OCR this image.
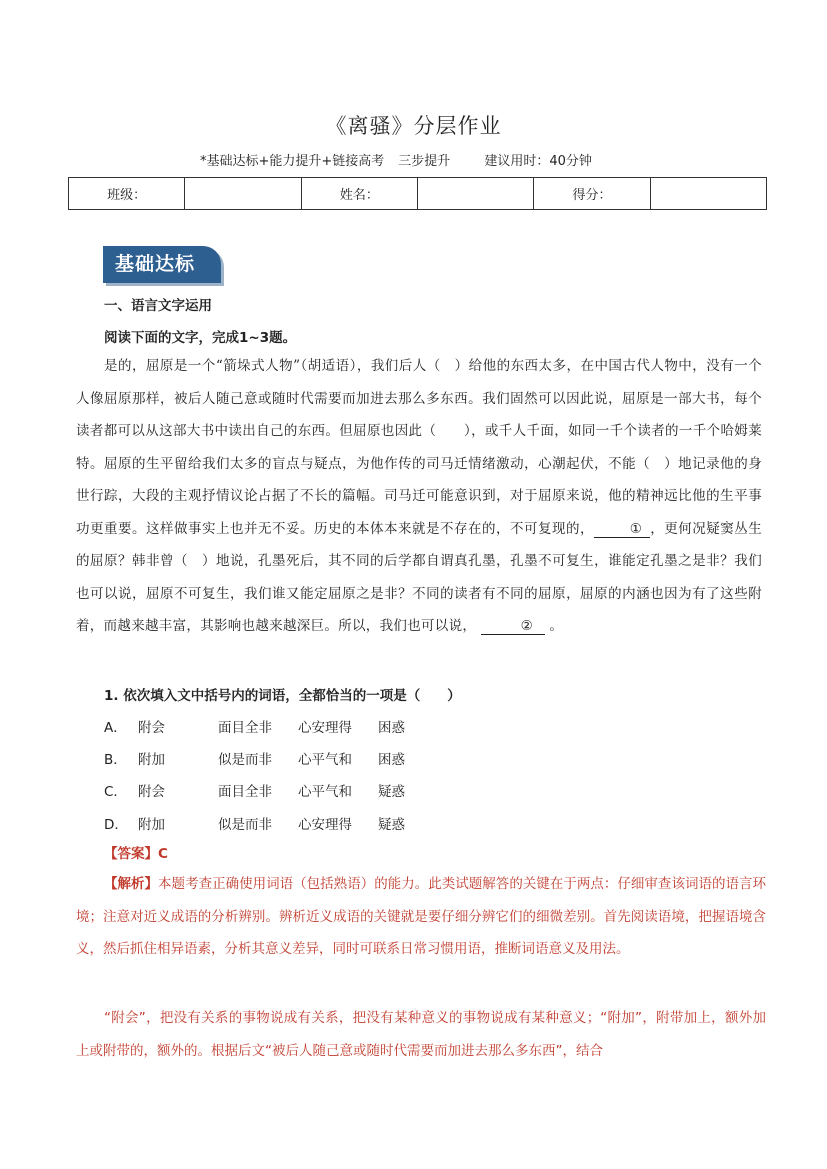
《离骚》分层作业
*基础达标+能力提升+链接高考 三步提升	建议用时：40分钟
班级：		姓名：		得分：	
基础达标
一、语言文字运用
阅读下面的文字，完成1~3题。
是的，屈原是一个“箭垛式人物”（胡适语），我们后人（　）给他的东西太多，在中国古代人物中，没有一个人像屈原那样，被后人随己意或随时代需要而加进去那么多东西。我们固然可以因此说，屈原是一部大书，每个读者都可以从这部大书中读出自己的东西。但屈原也因此（　　），或千人千面，如同一千个读者的一千个哈姆莱特。屈原的生平留给我们太多的盲点与疑点，为他作传的司马迁情绪激动，心潮起伏，不能（　）地记录他的身世行踪，大段的主观抒情议论占据了不长的篇幅。司马迁可能意识到，对于屈原来说，他的精神远比他的生平事功更重要。这样做事实上也并无不妥。历史的本体本来就是不存在的，不可复现的，	① ，更何况疑窦丛生的屈原？韩非曾（　）地说，孔墨死后，其不同的后学都自谓真孔墨，孔墨不可复生，谁能定孔墨之是非？我们也可以说，屈原不可复生，我们谁又能定屈原之是非？不同的读者有不同的屈原，屈原的内涵也因为有了这些附着，而越来越丰富，其影响也越来越深巨。所以，我们也可以说，	② 。
1. 依次填入文中括号内的词语，全都恰当的一项是（　　）
A． 附会	面目全非 心安理得 困惑
B． 附加	似是而非 心平气和 困惑
C． 附会	面目全非 心平气和 疑惑
D． 附加	似是而非 心安理得 疑惑
【答案】C
【解析】本题考查正确使用词语（包括熟语）的能力。此类试题解答的关键在于两点：仔细审查该词语的语言环境；注意对近义成语的分析辨别。辨析近义成语的关键就是要仔细分辨它们的细微差别。首先阅读语境，把握语境含义，然后抓住相异语素，分析其意义差异，同时可联系日常习惯用语，推断词语意义及用法。
“附会”，把没有关系的事物说成有关系，把没有某种意义的事物说成有某种意义；“附加”，附带加上，额外加上或附带的，额外的。根据后文“被后人随己意或随时代需要而加进去那么多东西”，结合
